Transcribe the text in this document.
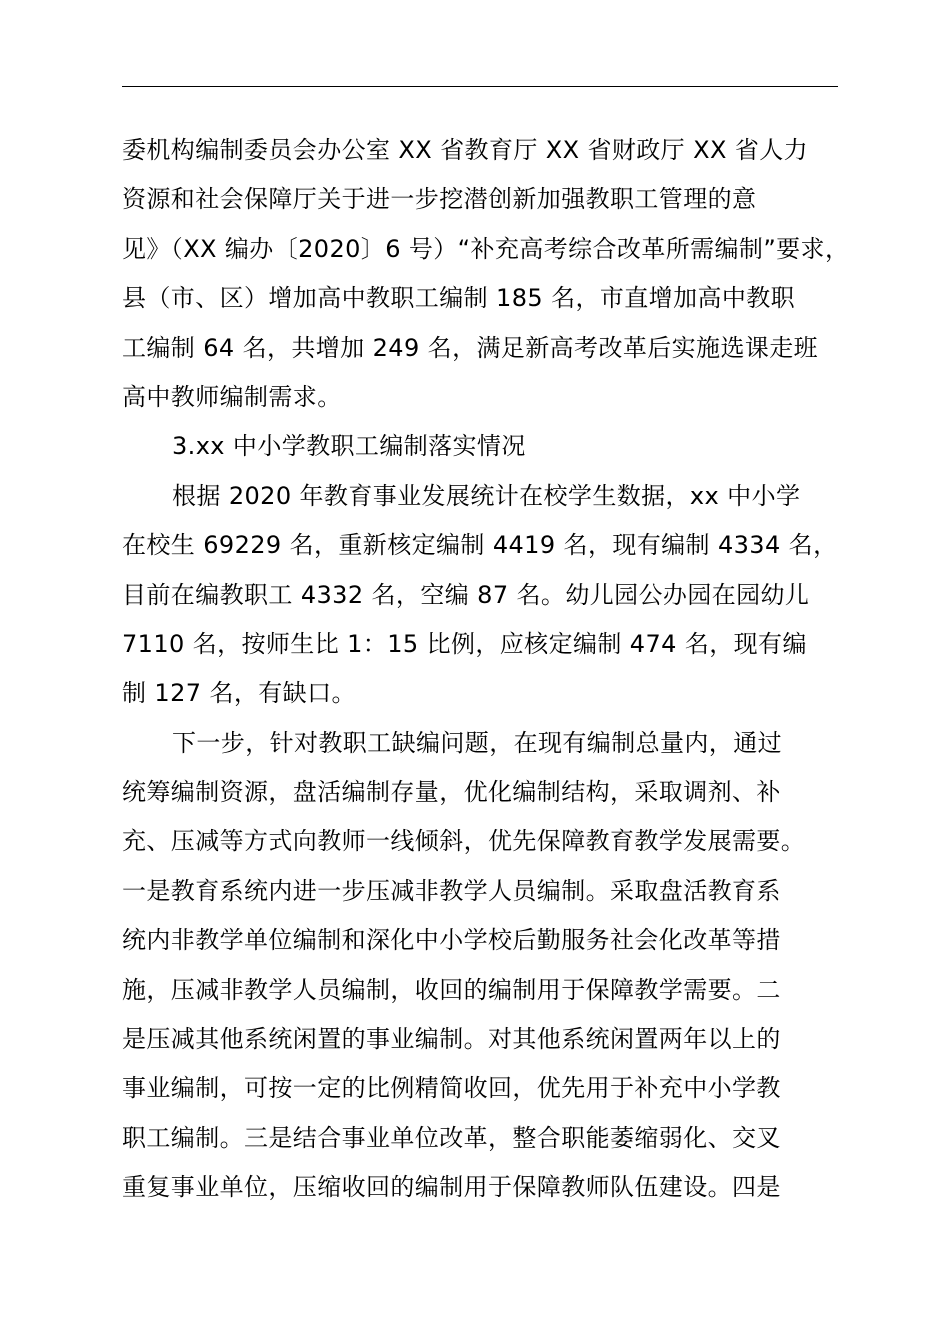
委机构编制委员会办公室 XX 省教育厅 XX 省财政厅 XX 省人力
资源和社会保障厅关于进一步挖潜创新加强教职工管理的意
见》（XX 编办〔2020〕6 号）“补充高考综合改革所需编制”要求，
县（市、区）增加高中教职工编制 185 名，市直增加高中教职
工编制 64 名，共增加 249 名，满足新高考改革后实施选课走班
高中教师编制需求。
3.xx 中小学教职工编制落实情况
根据 2020 年教育事业发展统计在校学生数据，xx 中小学
在校生 69229 名，重新核定编制 4419 名，现有编制 4334 名，
目前在编教职工 4332 名，空编 87 名。幼儿园公办园在园幼儿
7110 名，按师生比 1：15 比例，应核定编制 474 名，现有编
制 127 名，有缺口。
下一步，针对教职工缺编问题，在现有编制总量内，通过
统筹编制资源，盘活编制存量，优化编制结构，采取调剂、补
充、压减等方式向教师一线倾斜，优先保障教育教学发展需要。
一是教育系统内进一步压减非教学人员编制。采取盘活教育系
统内非教学单位编制和深化中小学校后勤服务社会化改革等措
施，压减非教学人员编制，收回的编制用于保障教学需要。二
是压减其他系统闲置的事业编制。对其他系统闲置两年以上的
事业编制，可按一定的比例精简收回，优先用于补充中小学教
职工编制。三是结合事业单位改革，整合职能萎缩弱化、交叉
重复事业单位，压缩收回的编制用于保障教师队伍建设。四是
